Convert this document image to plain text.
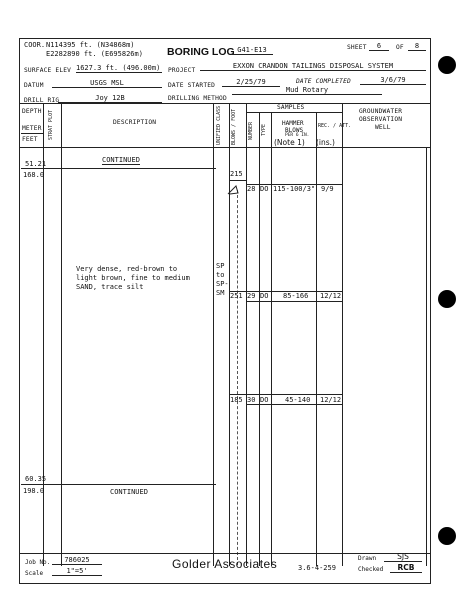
COOR. N114395 ft. (N34868m)
E2282890 ft. (E695826m) BORING LOG G41-E13	SHEET	6	OF	8
SURFACE ELEV 1627.3 ft. (496.00m) PROJECT
EXXON CRANDON TAILINGS DISPOSAL SYSTEM
DATUM	USGS MSL	DATE STARTED	2/25/79	DATE COMPLETED	3/6/79
DRILL RIG	Joy 12B	DRILLING METHOD
Mud Rotary
DEPTH
METER
FEET STRAT PLOT	DESCRIPTION	UNIFIED CLASS BLOWS / FOOT
SAMPLES
NUMBER TYPE
HAMMER
BLOWS
PER 6 IN.
(Note 1)
REC. / ATT.
(ins.)
GROUNDWATER
OBSERVATION
WELL
51.21
168.0
CONTINUED
Very dense, red-brown to
light brown, fine to medium
SAND, trace silt
SP
to
SP-
SM
215
28 DO 115-100/3" 9/9
251 29 DO 85-166 12/12
185 30 DO 45-140 12/12
60.35
198.0	CONTINUED
Job No.	786025
Scale	1"=5'	Golder Associates	3.6-4-259
Drawn	SJS
Checked	RCB
